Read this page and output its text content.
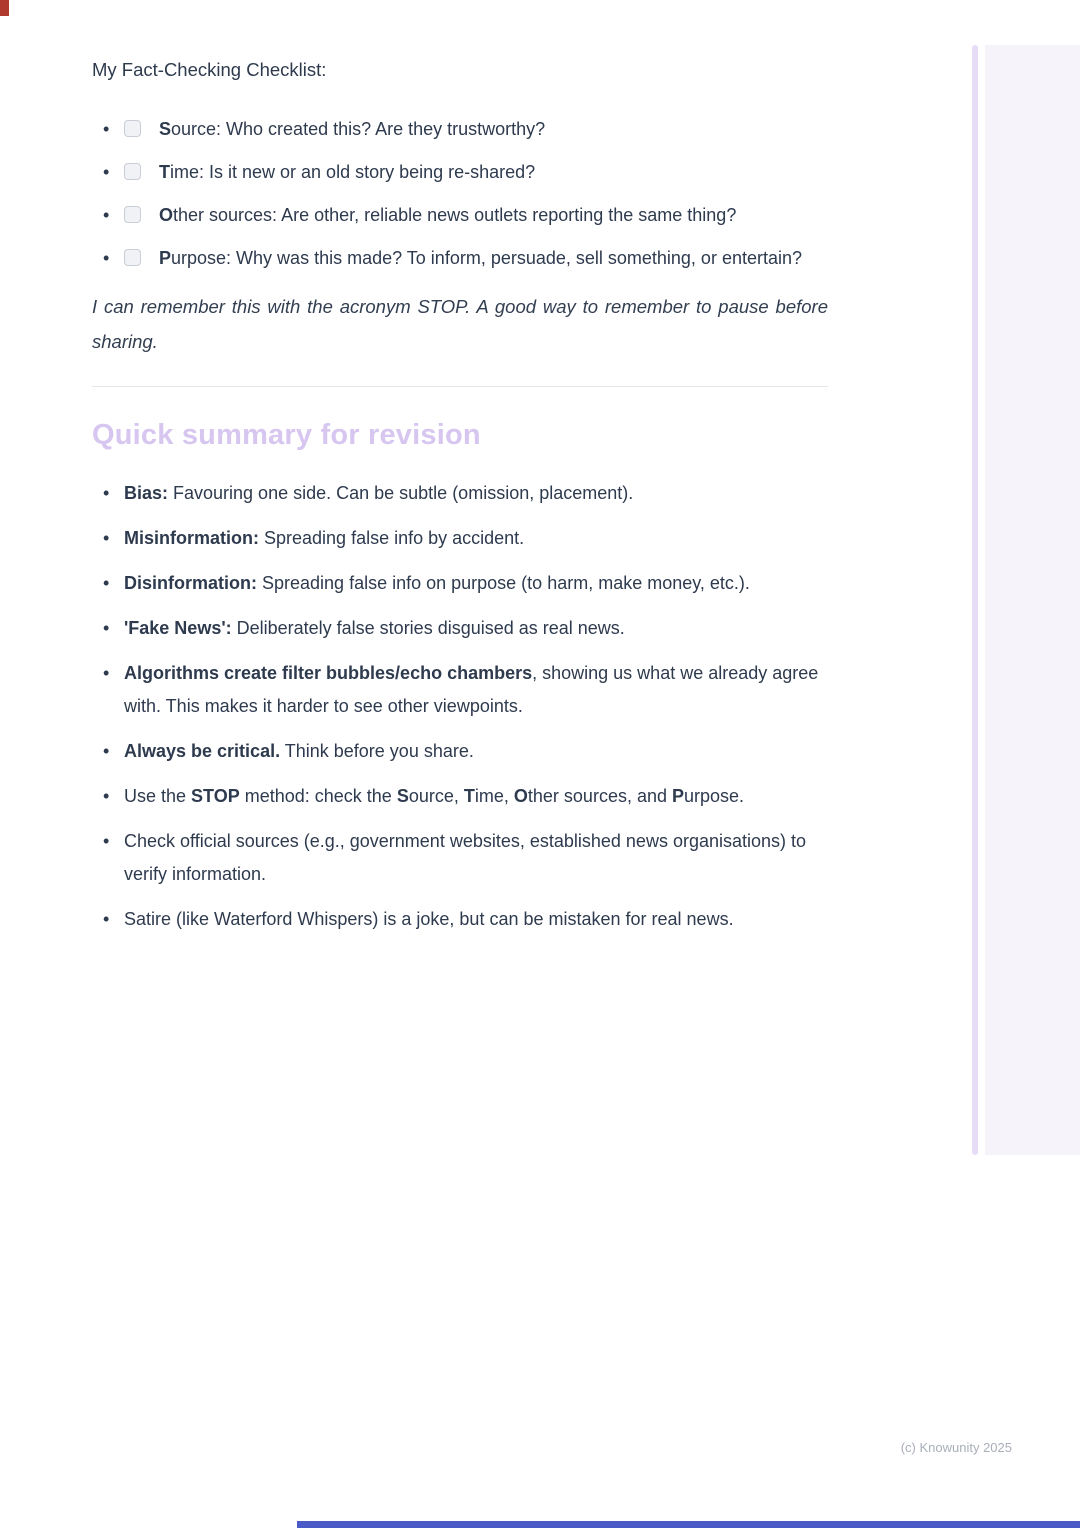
My Fact-Checking Checklist:
•	Source: Who created this? Are they trustworthy?
•	Time: Is it new or an old story being re-shared?
•	Other sources: Are other, reliable news outlets reporting the same thing?
•	Purpose: Why was this made? To inform, persuade, sell something, or entertain?

I can remember this with the acronym STOP. A good way to remember to pause before sharing.

Quick summary for revision
• Bias: Favouring one side. Can be subtle (omission, placement).
• Misinformation: Spreading false info by accident.
• Disinformation: Spreading false info on purpose (to harm, make money, etc.).
• 'Fake News': Deliberately false stories disguised as real news.
• Algorithms create filter bubbles/echo chambers, showing us what we already agree with. This makes it harder to see other viewpoints.
• Always be critical. Think before you share.
• Use the STOP method: check the Source, Time, Other sources, and Purpose.
• Check official sources (e.g., government websites, established news organisations) to verify information.
• Satire (like Waterford Whispers) is a joke, but can be mistaken for real news.
(c) Knowunity 2025
